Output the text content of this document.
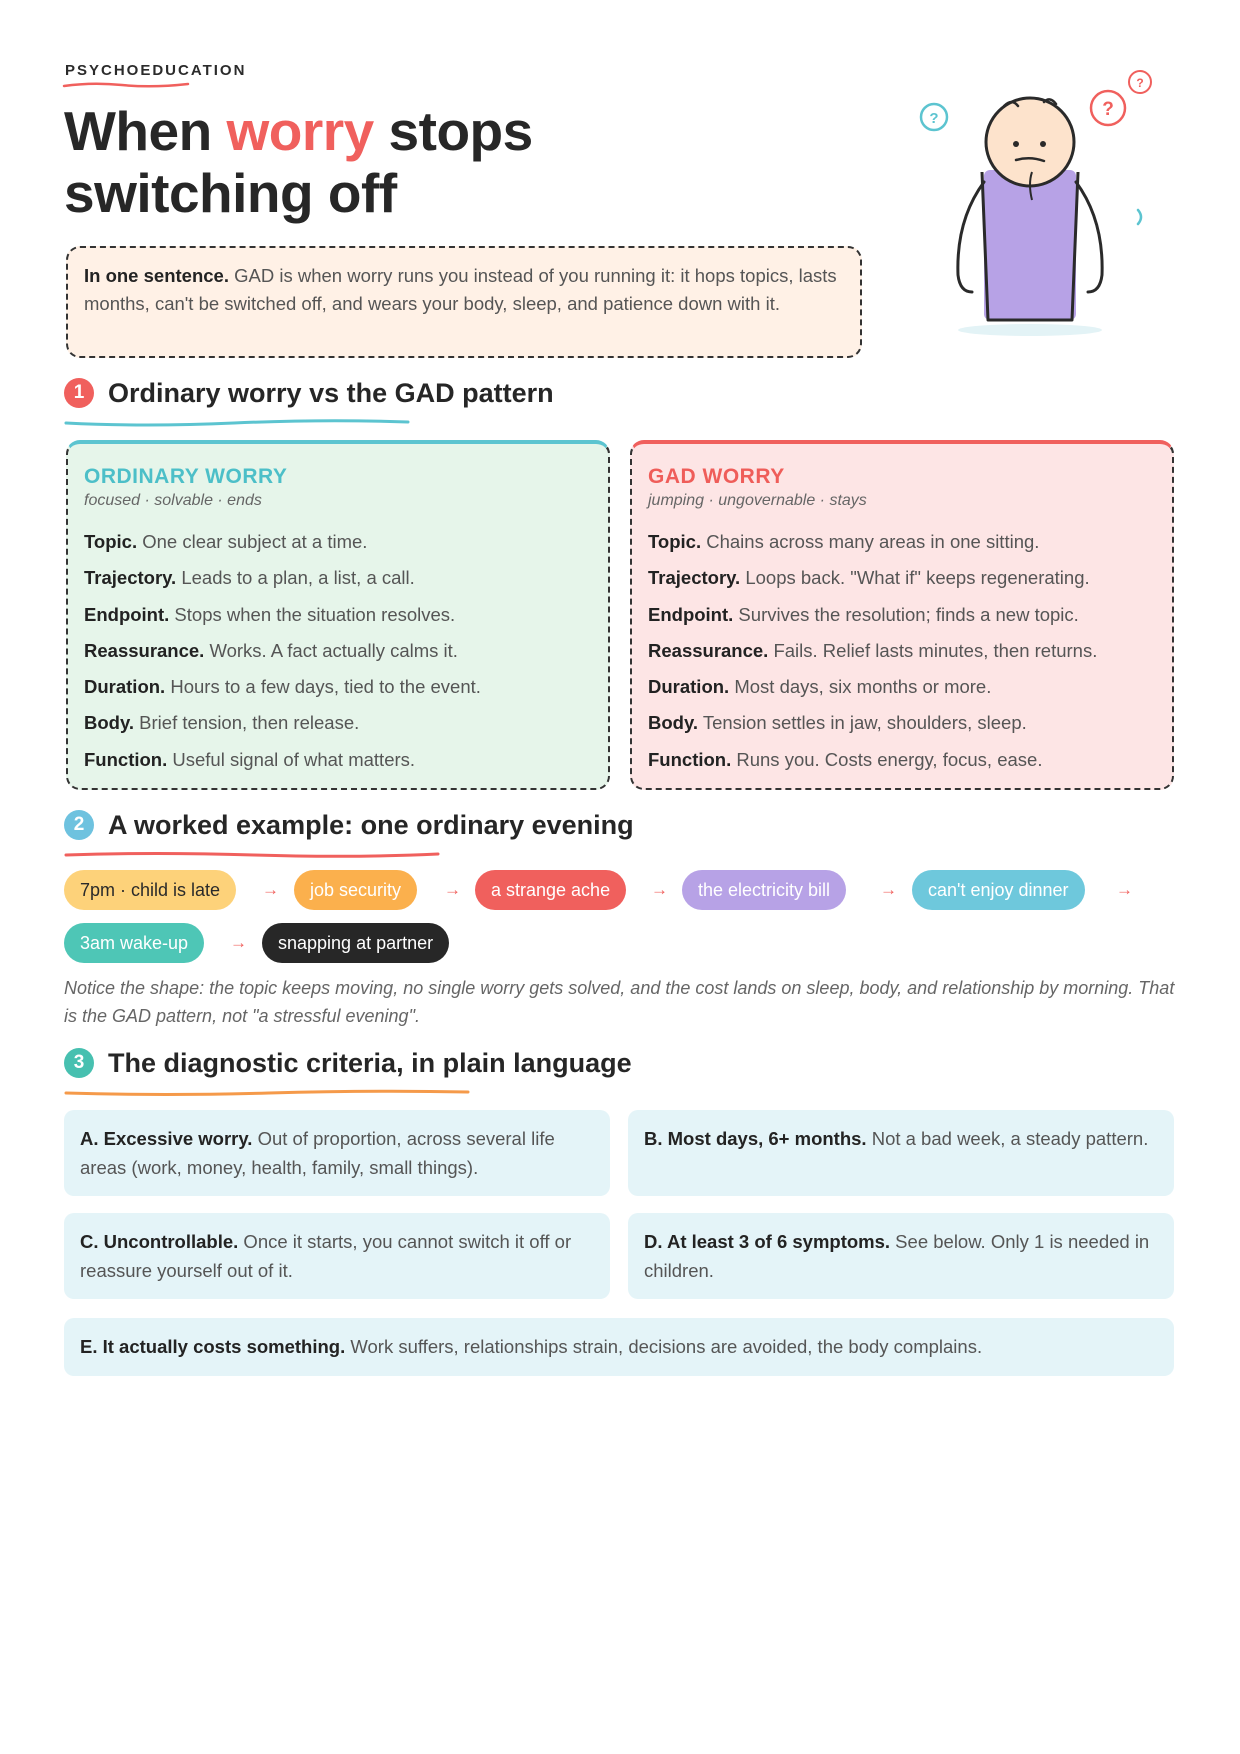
PSYCHOEDUCATION
When worry stops
switching off
In one sentence. GAD is when worry runs you instead of you running it: it hops topics, lasts months, can't be switched off, and wears your body, sleep, and patience down with it.
?	?
?
1 Ordinary worry vs the GAD pattern
ORDINARY WORRY
focused · solvable · ends
Topic. One clear subject at a time.
Trajectory. Leads to a plan, a list, a call.
Endpoint. Stops when the situation resolves.
Reassurance. Works. A fact actually calms it.
Duration. Hours to a few days, tied to the event.
Body. Brief tension, then release.
Function. Useful signal of what matters.
GAD WORRY
jumping · ungovernable · stays
Topic. Chains across many areas in one sitting.
Trajectory. Loops back. "What if" keeps regenerating.
Endpoint. Survives the resolution; finds a new topic.
Reassurance. Fails. Relief lasts minutes, then returns.
Duration. Most days, six months or more.
Body. Tension settles in jaw, shoulders, sleep.
Function. Runs you. Costs energy, focus, ease.
2 A worked example: one ordinary evening
7pm · child is late	→	job security	→	a strange ache	→	the electricity bill	→	can't enjoy dinner	→
3am wake-up	→	snapping at partner
Notice the shape: the topic keeps moving, no single worry gets solved, and the cost lands on sleep, body, and relationship by morning. That is the GAD pattern, not "a stressful evening".
3 The diagnostic criteria, in plain language
A. Excessive worry. Out of proportion, across several life areas (work, money, health, family, small things).
B. Most days, 6+ months. Not a bad week, a steady pattern.
C. Uncontrollable. Once it starts, you cannot switch it off or reassure yourself out of it.
D. At least 3 of 6 symptoms. See below. Only 1 is needed in children.
E. It actually costs something. Work suffers, relationships strain, decisions are avoided, the body complains.
